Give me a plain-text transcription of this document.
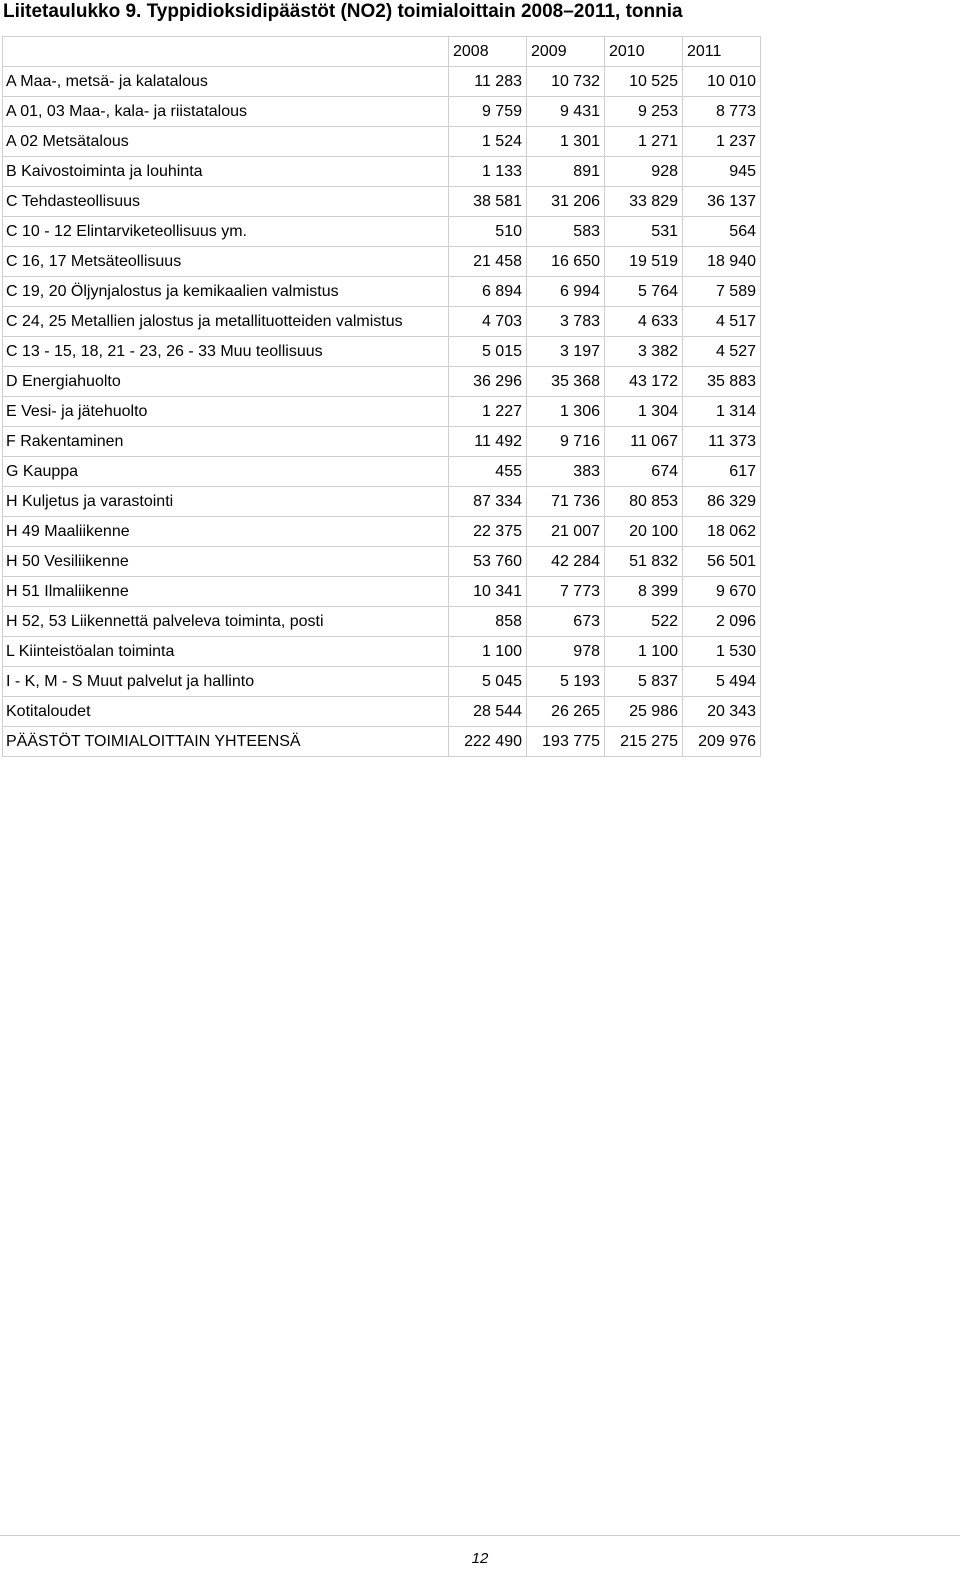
Liitetaulukko 9. Typpidioksidipäästöt (NO2) toimialoittain 2008–2011, tonnia
	2008	2009	2010	2011
A Maa-, metsä- ja kalatalous	11 283	10 732	10 525	10 010
A 01, 03 Maa-, kala- ja riistatalous	9 759	9 431	9 253	8 773
A 02 Metsätalous	1 524	1 301	1 271	1 237
B Kaivostoiminta ja louhinta	1 133	891	928	945
C Tehdasteollisuus	38 581	31 206	33 829	36 137
C 10 - 12 Elintarviketeollisuus ym.	510	583	531	564
C 16, 17 Metsäteollisuus	21 458	16 650	19 519	18 940
C 19, 20 Öljynjalostus ja kemikaalien valmistus	6 894	6 994	5 764	7 589
C 24, 25 Metallien jalostus ja metallituotteiden valmistus	4 703	3 783	4 633	4 517
C 13 - 15, 18, 21 - 23, 26 - 33 Muu teollisuus	5 015	3 197	3 382	4 527
D Energiahuolto	36 296	35 368	43 172	35 883
E Vesi- ja jätehuolto	1 227	1 306	1 304	1 314
F Rakentaminen	11 492	9 716	11 067	11 373
G Kauppa	455	383	674	617
H Kuljetus ja varastointi	87 334	71 736	80 853	86 329
H 49 Maaliikenne	22 375	21 007	20 100	18 062
H 50 Vesiliikenne	53 760	42 284	51 832	56 501
H 51 Ilmaliikenne	10 341	7 773	8 399	9 670
H 52, 53 Liikennettä palveleva toiminta, posti	858	673	522	2 096
L Kiinteistöalan toiminta	1 100	978	1 100	1 530
I - K, M - S Muut palvelut ja hallinto	5 045	5 193	5 837	5 494
Kotitaloudet	28 544	26 265	25 986	20 343
PÄÄSTÖT TOIMIALOITTAIN YHTEENSÄ	222 490	193 775	215 275	209 976
12
